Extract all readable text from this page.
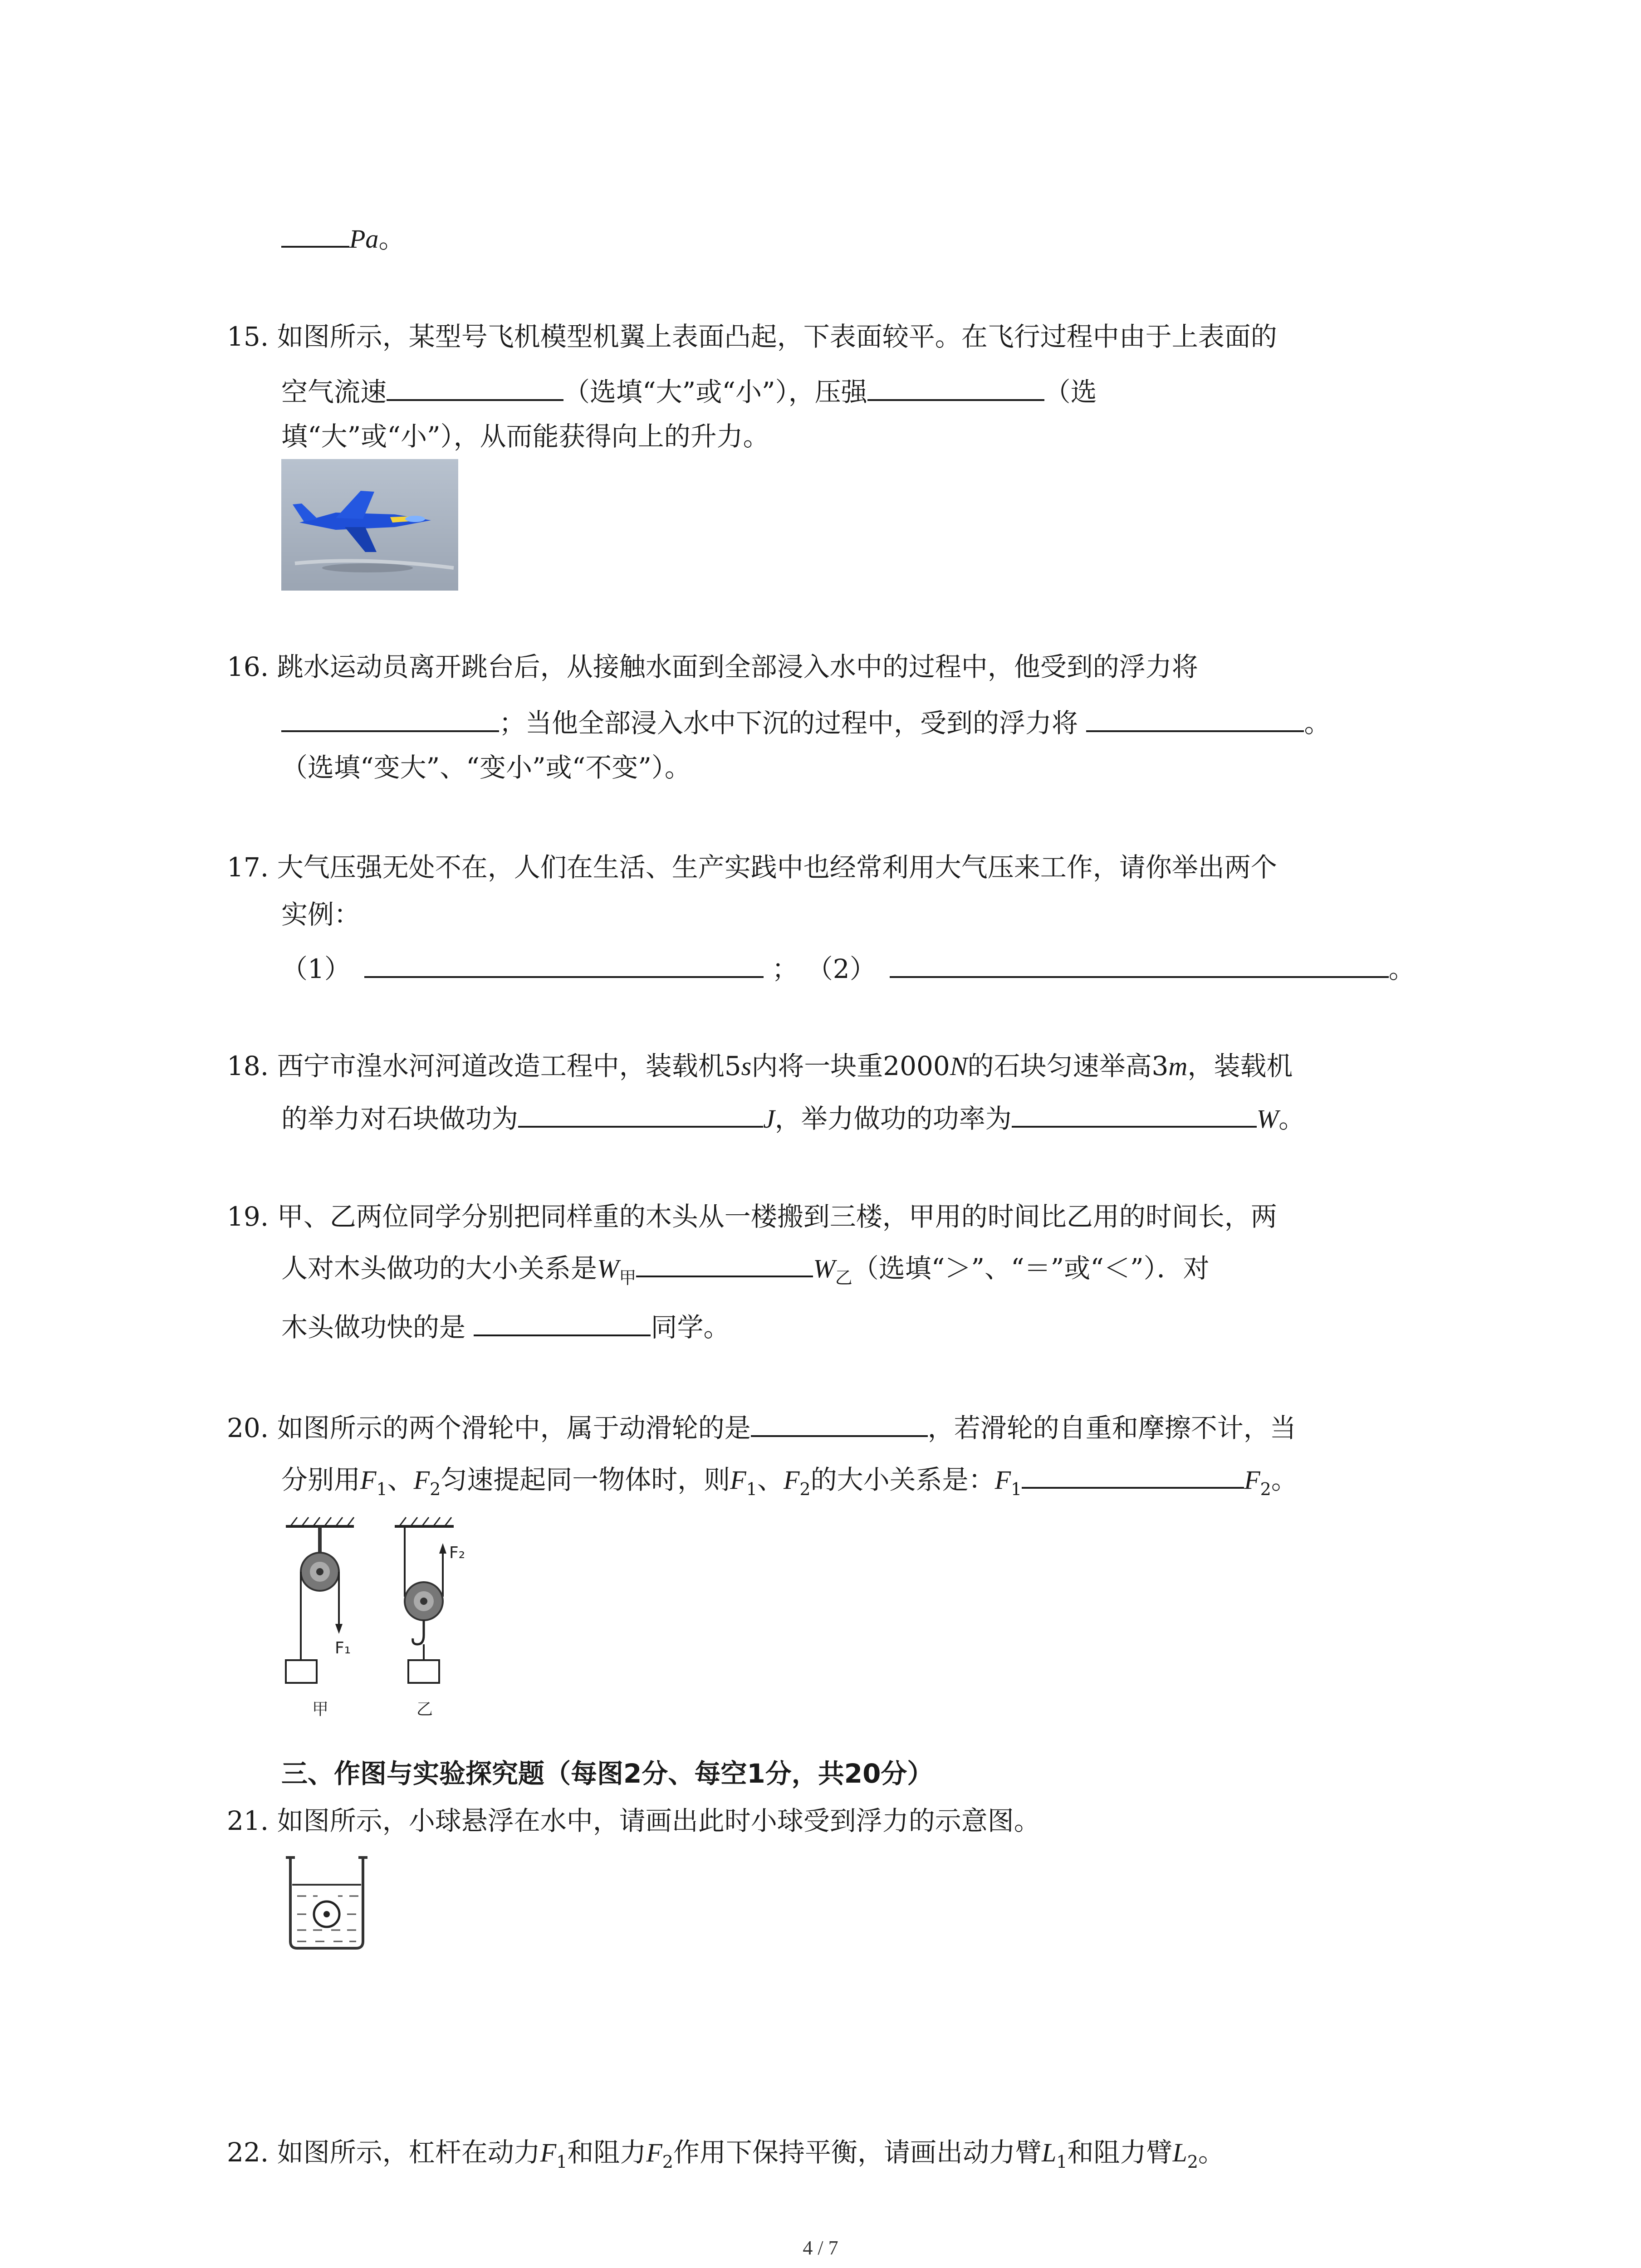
Pa。
15. 如图所示，某型号飞机模型机翼上表面凸起，下表面较平。在飞行过程中由于上表面的
空气流速	（选填“大”或“小”），压强	（选
填“大”或“小”），从而能获得向上的升力。
16. 跳水运动员离开跳台后，从接触水面到全部浸入水中的过程中，他受到的浮力将
；当他全部浸入水中下沉的过程中，受到的浮力将	。
（选填“变大”、“变小”或“不变”）。
17. 大气压强无处不在，人们在生活、生产实践中也经常利用大气压来工作，请你举出两个
实例：
（1）	； （2）	。
18. 西宁市湟水河河道改造工程中，装载机5s内将一块重2000N的石块匀速举高3m，装载机
的举力对石块做功为	J，举力做功的功率为	W。
19. 甲、乙两位同学分别把同样重的木头从一楼搬到三楼，甲用的时间比乙用的时间长，两
人对木头做功的大小关系是$W_甲$	$W_乙$（选填“＞”、“＝”或“＜”）．对
木头做功快的是	同学。
20. 如图所示的两个滑轮中，属于动滑轮的是	，若滑轮的自重和摩擦不计，当
分别用$F_1$、$F_2$匀速提起同一物体时，则$F_1$、$F_2$的大小关系是：$F_1$	$F_2$。
F₁
甲
F₂
乙
三、作图与实验探究题（每图2分、每空1分，共20分）
21. 如图所示，小球悬浮在水中，请画出此时小球受到浮力的示意图。
22. 如图所示，杠杆在动力$F_1$和阻力$F_2$作用下保持平衡，请画出动力臂$L_1$和阻力臂$L_2$。
4 / 7
